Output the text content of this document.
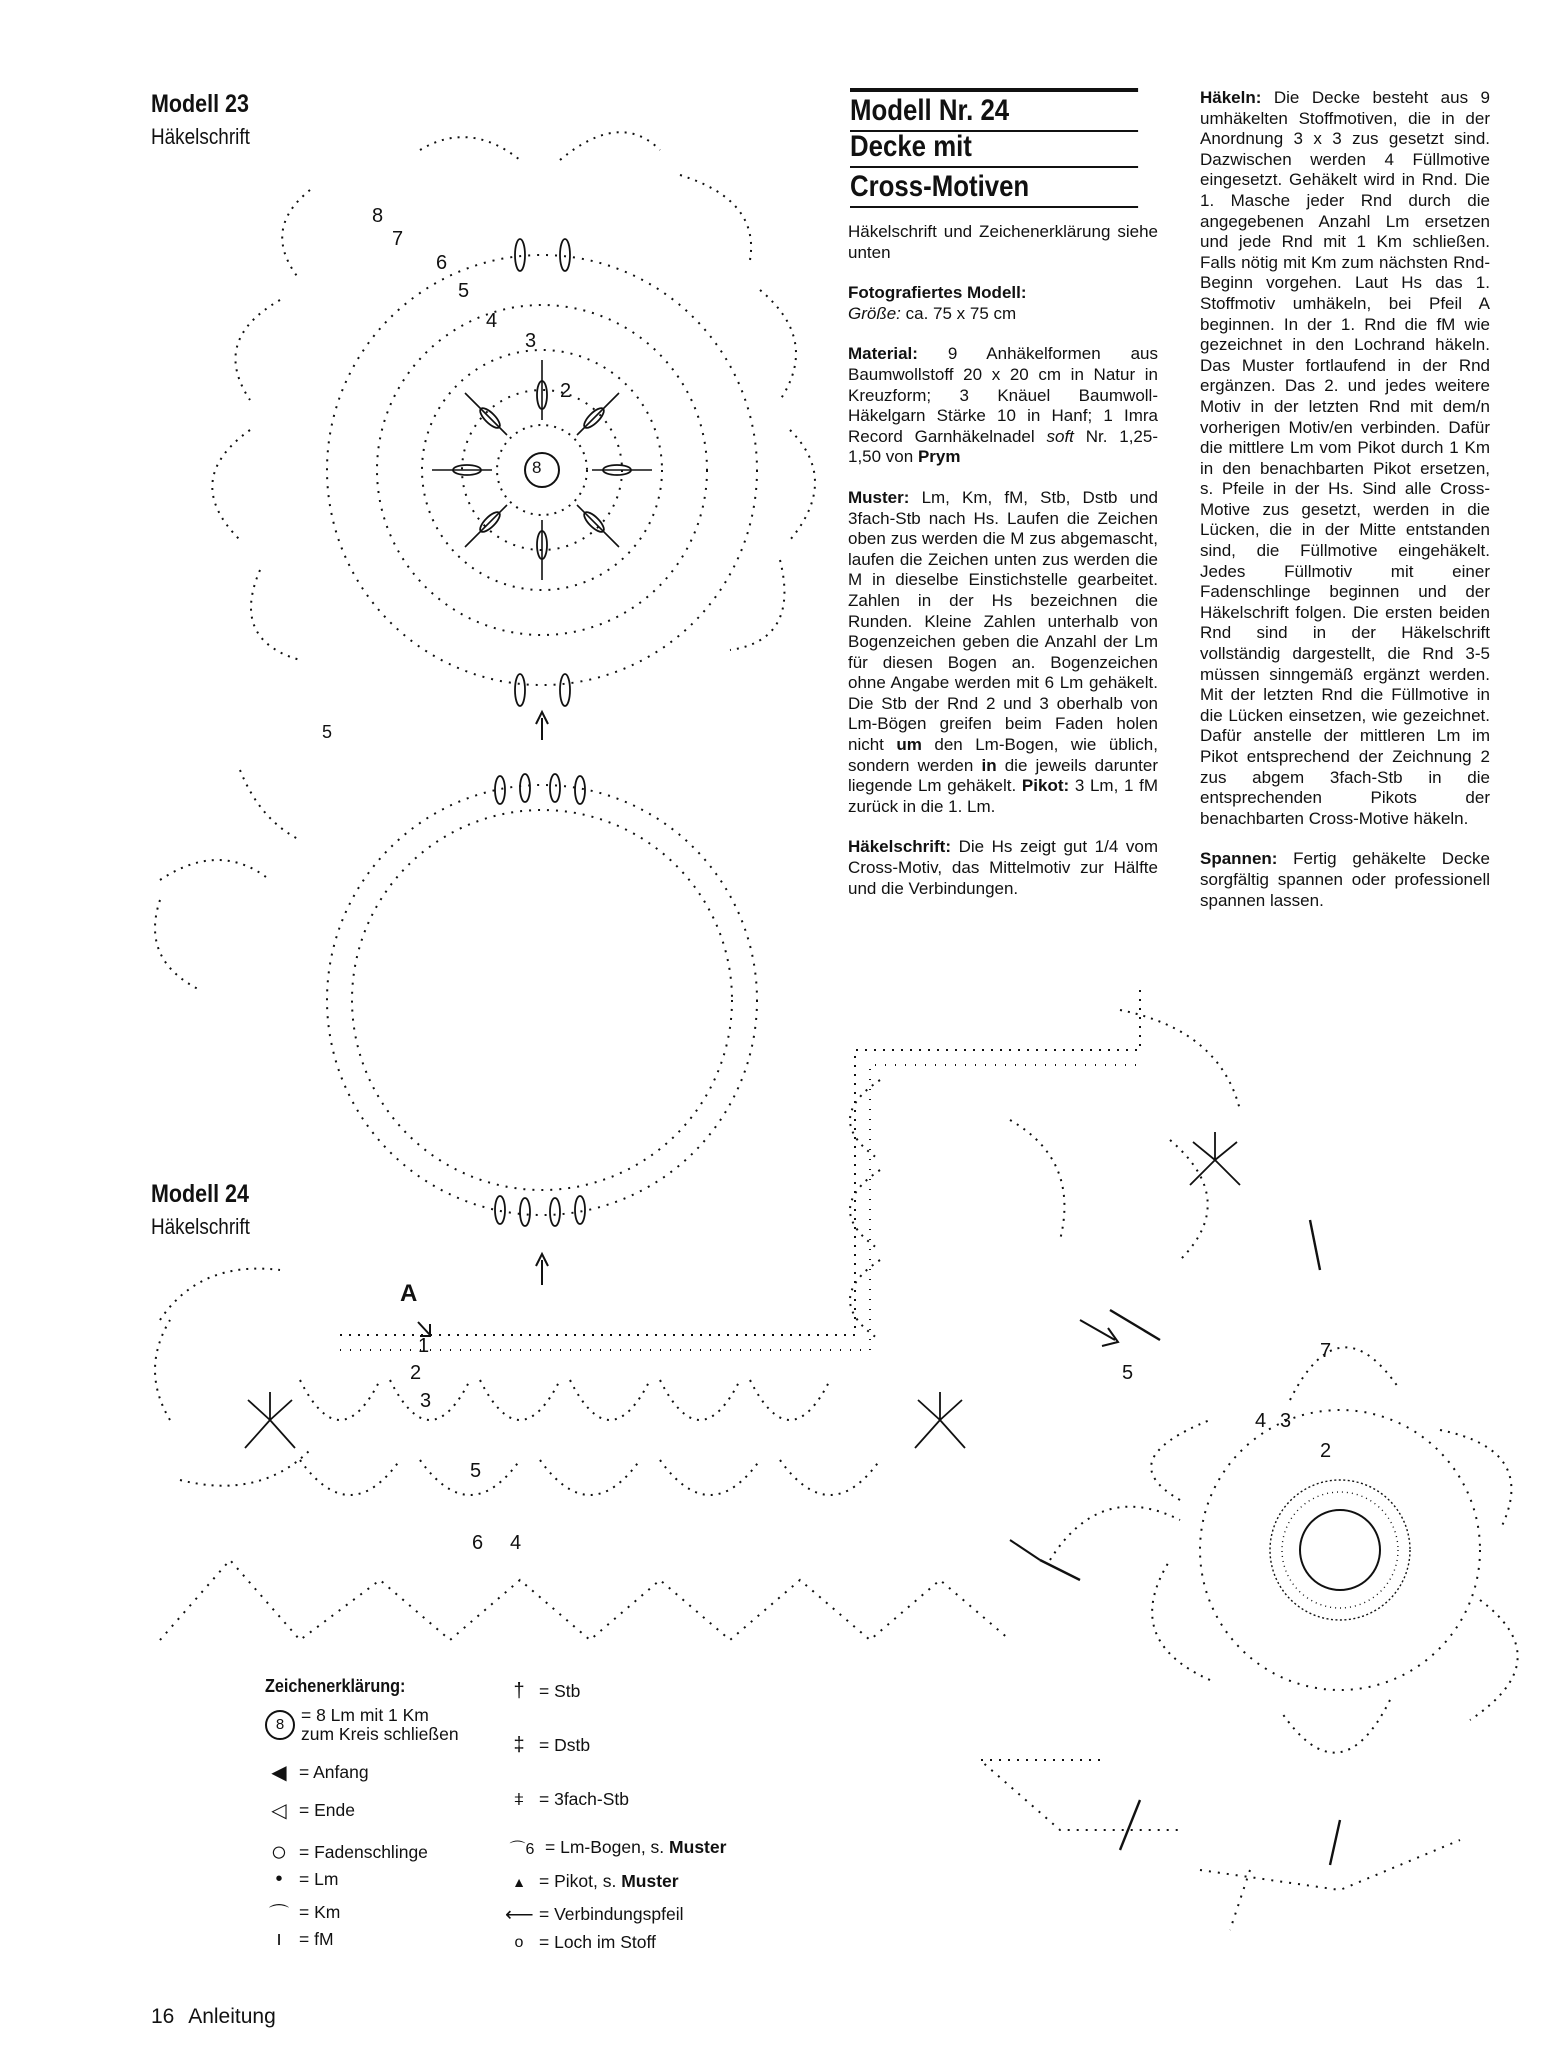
Modell 23
Häkelschrift
8
2
3
4
5
6
7
8
5
Modell Nr. 24
Decke mit
Cross-Motiven

Häkelschrift und Zeichenerklärung siehe unten

Fotografiertes Modell:
Größe: ca. 75 x 75 cm

Material: 9 Anhäkelformen aus Baumwollstoff 20 x 20 cm in Natur in Kreuzform; 3 Knäuel Baumwoll-Häkelgarn Stärke 10 in Hanf; 1 Imra Record Garnhäkelnadel soft Nr. 1,25-1,50 von Prym

Muster: Lm, Km, fM, Stb, Dstb und 3fach-Stb nach Hs. Laufen die Zeichen oben zus werden die M zus abgemascht, laufen die Zeichen unten zus werden die M in dieselbe Einstichstelle gearbeitet. Zahlen in der Hs bezeichnen die Runden. Kleine Zahlen unterhalb von Bogenzeichen geben die Anzahl der Lm für diesen Bogen an. Bogenzeichen ohne Angabe werden mit 6 Lm gehäkelt. Die Stb der Rnd 2 und 3 oberhalb von Lm-Bögen greifen beim Faden holen nicht um den Lm-Bogen, wie üblich, sondern werden in die jeweils darunter liegende Lm gehäkelt. Pikot: 3 Lm, 1 fM zurück in die 1. Lm.

Häkelschrift: Die Hs zeigt gut 1/4 vom Cross-Motiv, das Mittelmotiv zur Hälfte und die Verbindungen.

Häkeln: Die Decke besteht aus 9 umhäkelten Stoffmotiven, die in der Anordnung 3 x 3 zus gesetzt sind. Dazwischen werden 4 Füllmotive eingesetzt. Gehäkelt wird in Rnd. Die 1. Masche jeder Rnd durch die angegebenen Anzahl Lm ersetzen und jede Rnd mit 1 Km schließen. Falls nötig mit Km zum nächsten Rnd-Beginn vorgehen. Laut Hs das 1. Stoffmotiv umhäkeln, bei Pfeil A beginnen. In der 1. Rnd die fM wie gezeichnet in den Lochrand häkeln. Das Muster fortlaufend in der Rnd ergänzen. Das 2. und jedes weitere Motiv in der letzten Rnd mit dem/n vorherigen Motiv/en verbinden. Dafür die mittlere Lm vom Pikot durch 1 Km in den benachbarten Pikot ersetzen, s. Pfeile in der Hs. Sind alle Cross-Motive zus gesetzt, werden in die Lücken, die in der Mitte entstanden sind, die Füllmotive eingehäkelt. Jedes Füllmotiv mit einer Fadenschlinge beginnen und der Häkelschrift folgen. Die ersten beiden Rnd sind in der Häkelschrift vollständig dargestellt, die Rnd 3-5 müssen sinngemäß ergänzt werden. Mit der letzten Rnd die Füllmotive in die Lücken einsetzen, wie gezeichnet. Dafür anstelle der mittleren Lm im Pikot entsprechend der Zeichnung 2 zus abgem 3fach-Stb in die entsprechenden Pikots der benachbarten Cross-Motive häkeln.

Spannen: Fertig gehäkelte Decke sorgfältig spannen oder professionell spannen lassen.

Modell 24
Häkelschrift
A
1
2
3
4
5
6
2
3
4
5
7
Zeichenerklärung:
8 = 8 Lm mit 1 Km
zum Kreis schließen
◀ = Anfang
◁ = Ende
○ = Fadenschlinge
• = Lm
⌒ = Km
ı = fM
† = Stb
‡ = Dstb
⧧ = 3fach-Stb
⌒6 = Lm-Bogen, s. Muster
▲ = Pikot, s. Muster
⟵ = Verbindungspfeil
o = Loch im Stoff
16 Anleitung
